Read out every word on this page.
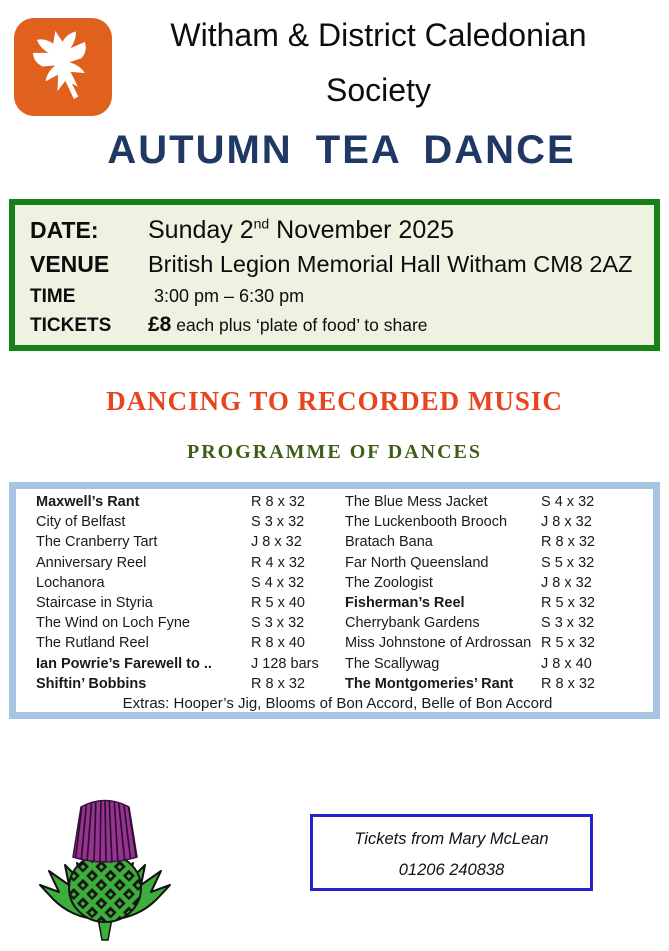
Witham & District Caledonian
Society
AUTUMN TEA DANCE
DATE:	Sunday 2nd November 2025
VENUE	British Legion Memorial Hall Witham CM8 2AZ
TIME	3:00 pm – 6:30 pm
TICKETS	£8 each plus ‘plate of food’ to share
DANCING TO RECORDED MUSIC
PROGRAMME OF DANCES
Maxwell’s Rant	R 8 x 32	The Blue Mess Jacket	S 4 x 32
City of Belfast	S 3 x 32	The Luckenbooth Brooch	J 8 x 32
The Cranberry Tart	J 8 x 32	Bratach Bana	R 8 x 32
Anniversary Reel	R 4 x 32	Far North Queensland	S 5 x 32
Lochanora	S 4 x 32	The Zoologist	J 8 x 32
Staircase in Styria	R 5 x 40	Fisherman’s Reel	R 5 x 32
The Wind on Loch Fyne	S 3 x 32	Cherrybank Gardens	S 3 x 32
The Rutland Reel	R 8 x 40	Miss Johnstone of Ardrossan R 5 x 32
Ian Powrie’s Farewell to ..	J 128 bars	The Scallywag	J 8 x 40
Shiftin’ Bobbins	R 8 x 32	The Montgomeries’ Rant	R 8 x 32
Extras: Hooper’s Jig, Blooms of Bon Accord, Belle of Bon Accord
Tickets from Mary McLean
01206 240838
